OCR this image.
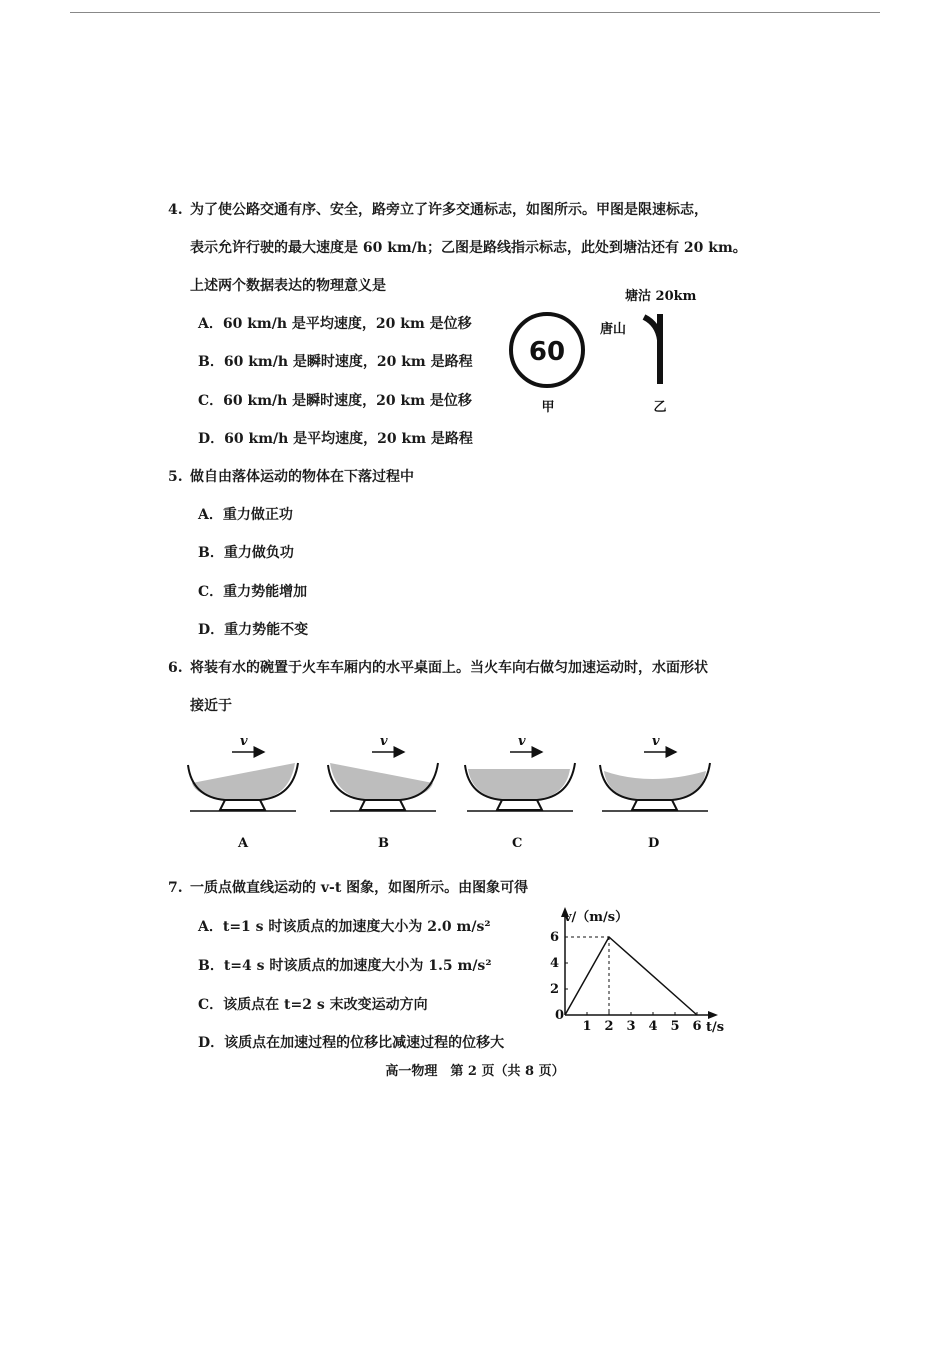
4. 为了使公路交通有序、安全，路旁立了许多交通标志，如图所示。甲图是限速标志，
表示允许行驶的最大速度是 60 km/h；乙图是路线指示标志，此处到塘沽还有 20 km。
上述两个数据表达的物理意义是
A．60 km/h 是平均速度，20 km 是位移
B．60 km/h 是瞬时速度，20 km 是路程
C．60 km/h 是瞬时速度，20 km 是位移
D．60 km/h 是平均速度，20 km 是路程
60
甲
塘沽 20km
唐山
乙
5. 做自由落体运动的物体在下落过程中
A．重力做正功
B．重力做负功
C．重力势能增加
D．重力势能不变
6. 将装有水的碗置于火车车厢内的水平桌面上。当火车向右做匀加速运动时，水面形状
接近于
v
A
v
B
v
C
v
D
7. 一质点做直线运动的 v-t 图象，如图所示。由图象可得
A．t=1 s 时该质点的加速度大小为 2.0 m/s²
B．t=4 s 时该质点的加速度大小为 1.5 m/s²
C．该质点在 t=2 s 末改变运动方向
D．该质点在加速过程的位移比减速过程的位移大
v/（m/s）
t/s
0
1 2 3 4 5 6
2
4
6
高一物理　第 2 页（共 8 页）
